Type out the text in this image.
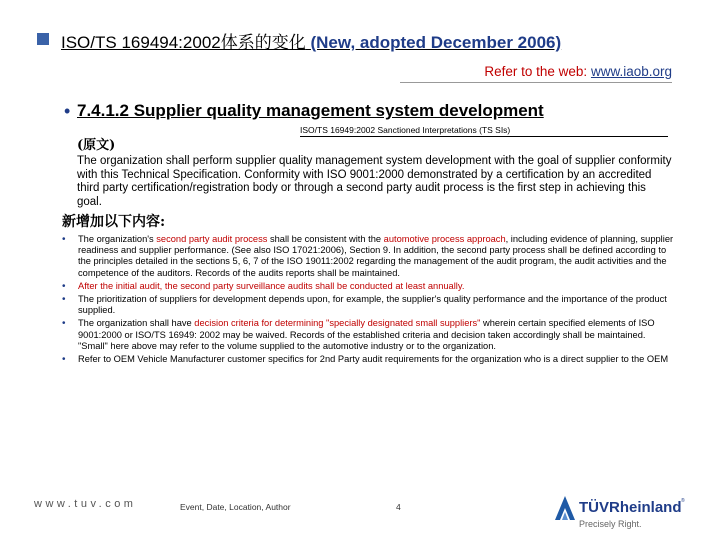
ISO/TS 169494:2002体系的变化 (New, adopted December 2006)
Refer to the web: www.iaob.org
• 7.4.1.2 Supplier quality management system development
ISO/TS 16949:2002 Sanctioned Interpretations (TS SIs)
(原文)
The organization shall perform supplier quality management system development with the goal of supplier conformity with this Technical Specification. Conformity with ISO 9001:2000 demonstrated by a certification by an accredited third party certification/registration body or through a second party audit process is the first step in achieving this goal.
新增加以下内容:
• The organization's second party audit process shall be consistent with the automotive process approach, including evidence of planning, supplier readiness and supplier performance. (See also ISO 17021:2006), Section 9. In addition, the second party process shall be defined according to the principles detailed in the sections 5, 6, 7 of the ISO 19011:2002 regarding the management of the audit program, the audit activities and the competence of the auditors. Records of the audits reports shall be maintained.
• After the initial audit, the second party surveillance audits shall be conducted at least annually.
• The prioritization of suppliers for development depends upon, for example, the supplier's quality performance and the importance of the product supplied.
• The organization shall have decision criteria for determining "specially designated small suppliers" wherein certain specified elements of ISO 9001:2000 or ISO/TS 16949: 2002 may be waived. Records of the established criteria and decision taken accordingly shall be maintained. "Small" here above may refer to the volume supplied to the automotive industry or to the organization.
• Refer to OEM Vehicle Manufacturer customer specifics for 2nd Party audit requirements for the organization who is a direct supplier to the OEM
www.tuv.com	Event, Date, Location, Author	4	TÜVRheinland ®
Precisely Right.
